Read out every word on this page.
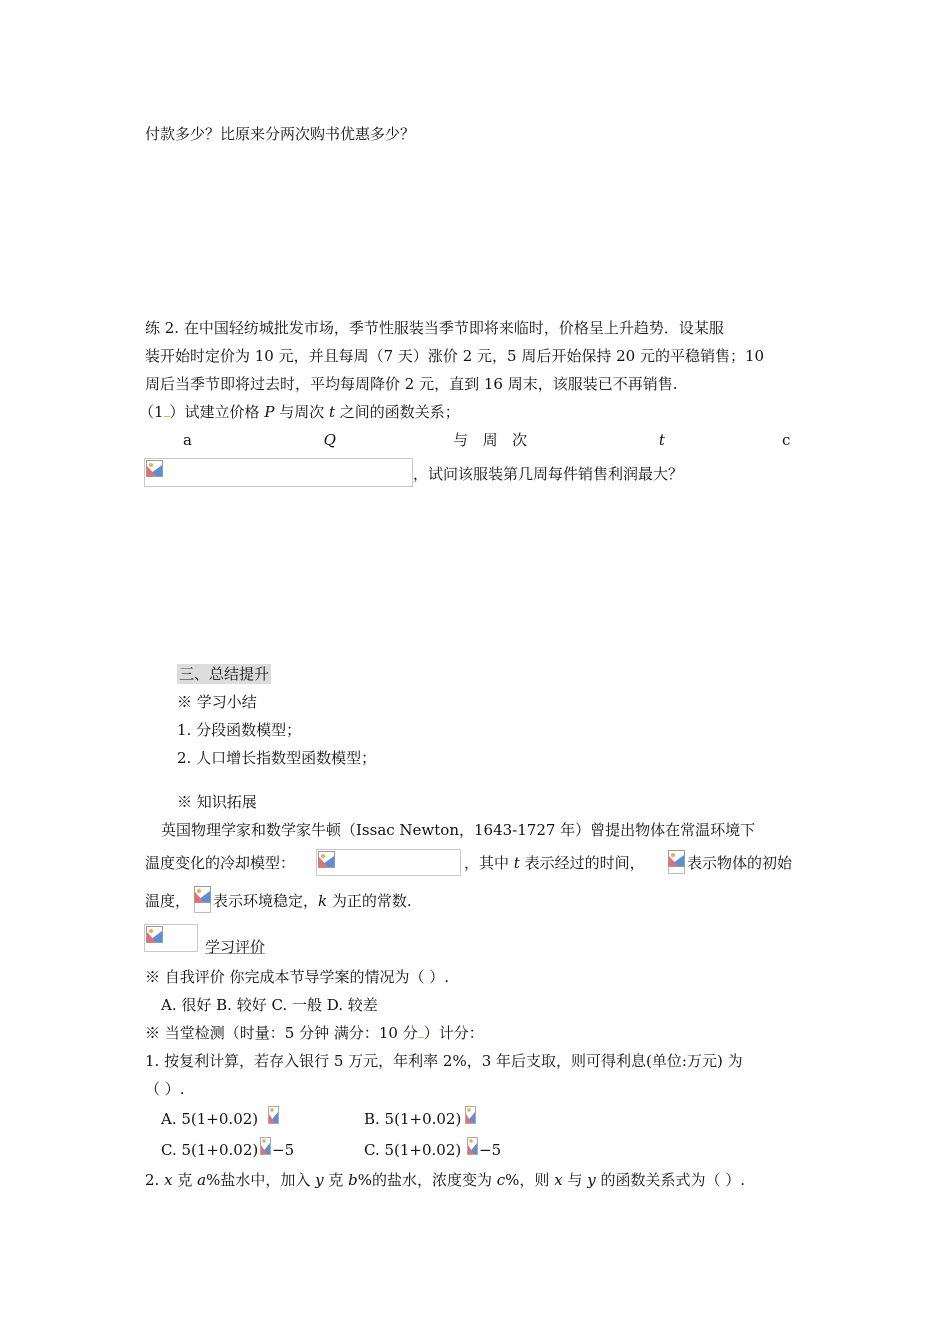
付款多少？比原来分两次购书优惠多少？
练 2. 在中国轻纺城批发市场，季节性服装当季节即将来临时，价格呈上升趋势．设某服
装开始时定价为 10 元，并且每周（7 天）涨价 2 元，5 周后开始保持 20 元的平稳销售；10
周后当季节即将过去时，平均每周降价 2 元，直到 16 周末，该服装已不再销售.
（1 ）试建立价格 P 与周次 t 之间的函数关系；
a	Q	与周次	t	c
，试问该服装第几周每件销售利润最大？
三、总结提升
※ 学习小结
1. 分段函数模型；
2. 人口增长指数型函数模型；
※ 知识拓展
英国物理学家和数学家牛顿（Issac Newton，1643-1727 年）曾提出物体在常温环境下
温度变化的冷却模型：	，其中 t 表示经过的时间，	表示物体的初始
温度， 表示环境稳定，k 为正的常数.
学习评价
※ 自我评价 你完成本节导学案的情况为（ ）.
A. 很好 B. 较好 C. 一般 D. 较差
※ 当堂检测（时量：5 分钟 满分：10 分 ）计分：
1. 按复利计算，若存入银行 5 万元，年利率 2%，3 年后支取，则可得利息(单位:万元) 为
（ ）.
A. 5(1+0.02)	B. 5(1+0.02)
C. 5(1+0.02) −5	C. 5(1+0.02) −5
2. x 克 a%盐水中，加入 y 克 b%的盐水，浓度变为 c%，则 x 与 y 的函数关系式为（ ）.
